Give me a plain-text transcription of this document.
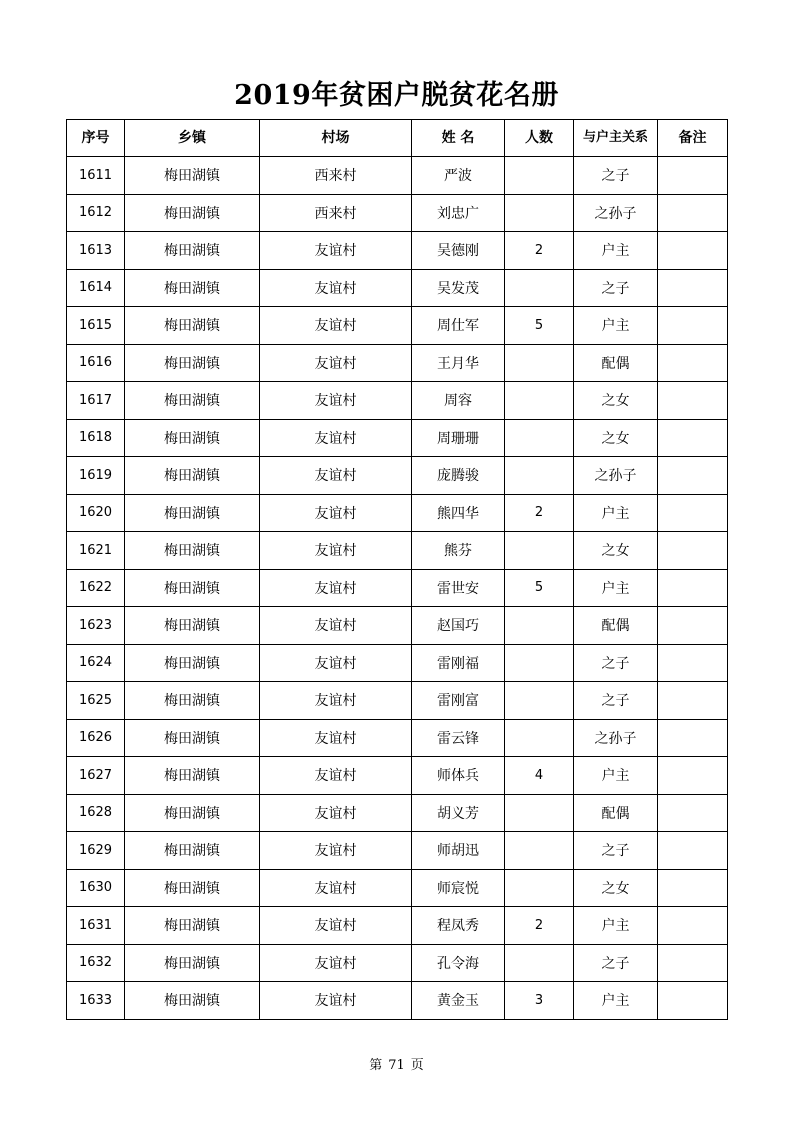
2019年贫困户脱贫花名册
序号	乡镇	村场	姓 名	人数	与户主关系	备注
1611	梅田湖镇	西来村	严波		之子	
1612	梅田湖镇	西来村	刘忠广		之孙子	
1613	梅田湖镇	友谊村	吴德刚	2	户主	
1614	梅田湖镇	友谊村	吴发茂		之子	
1615	梅田湖镇	友谊村	周仕军	5	户主	
1616	梅田湖镇	友谊村	王月华		配偶	
1617	梅田湖镇	友谊村	周容		之女	
1618	梅田湖镇	友谊村	周珊珊		之女	
1619	梅田湖镇	友谊村	庞腾骏		之孙子	
1620	梅田湖镇	友谊村	熊四华	2	户主	
1621	梅田湖镇	友谊村	熊芬		之女	
1622	梅田湖镇	友谊村	雷世安	5	户主	
1623	梅田湖镇	友谊村	赵国巧		配偶	
1624	梅田湖镇	友谊村	雷刚福		之子	
1625	梅田湖镇	友谊村	雷刚富		之子	
1626	梅田湖镇	友谊村	雷云锋		之孙子	
1627	梅田湖镇	友谊村	师体兵	4	户主	
1628	梅田湖镇	友谊村	胡义芳		配偶	
1629	梅田湖镇	友谊村	师胡迅		之子	
1630	梅田湖镇	友谊村	师宸悦		之女	
1631	梅田湖镇	友谊村	程凤秀	2	户主	
1632	梅田湖镇	友谊村	孔令海		之子	
1633	梅田湖镇	友谊村	黄金玉	3	户主	
第 71 页
